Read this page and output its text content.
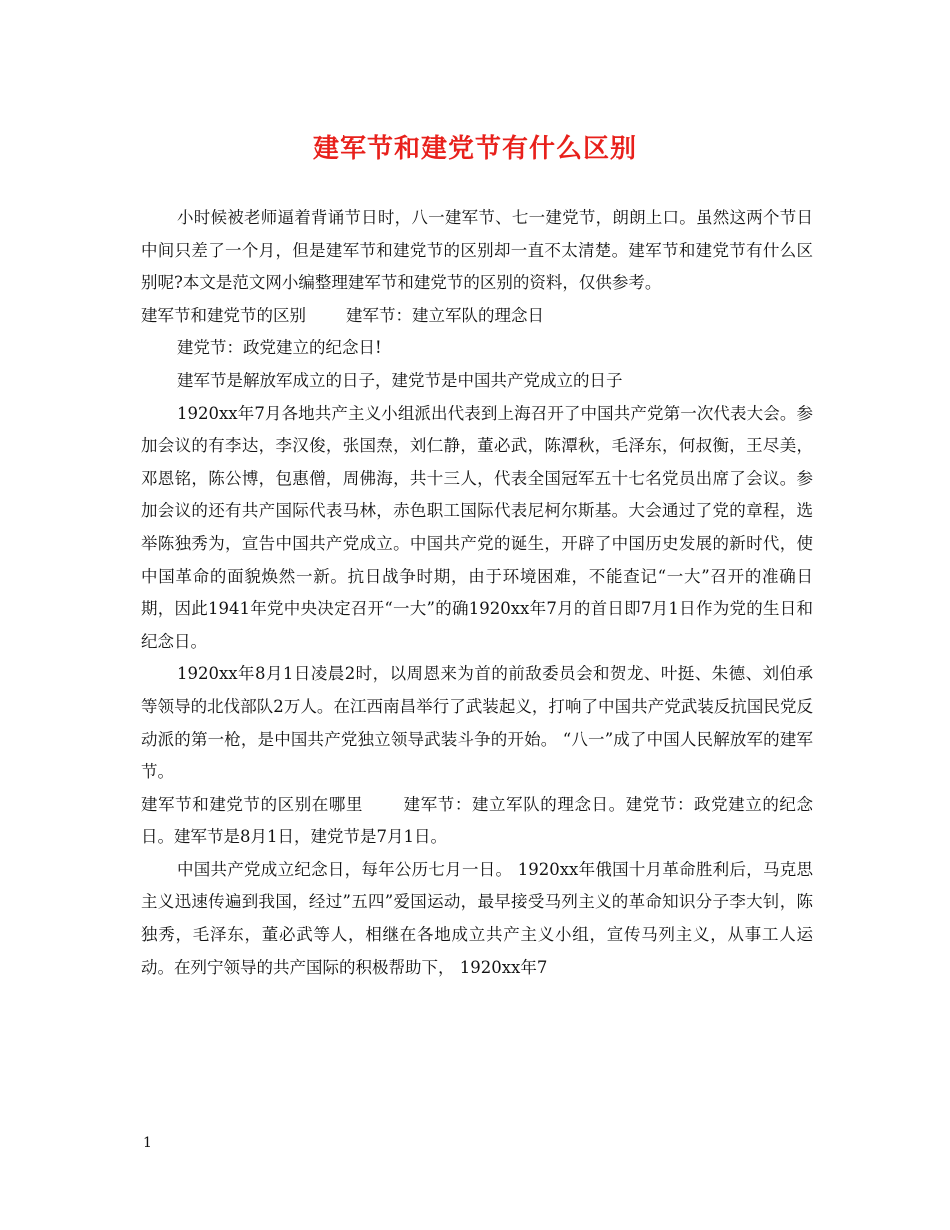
建军节和建党节有什么区别

小时候被老师逼着背诵节日时，八一建军节、七一建党节，朗朗上口。虽然这两个节日中间只差了一个月，但是建军节和建党节的区别却一直不太清楚。建军节和建党节有什么区别呢?本文是范文网小编整理建军节和建党节的区别的资料，仅供参考。

建军节和建党节的区别 建军节：建立军队的理念日

建党节：政党建立的纪念日!

建军节是解放军成立的日子，建党节是中国共产党成立的日子

1920xx年7月各地共产主义小组派出代表到上海召开了中国共产党第一次代表大会。参加会议的有李达，李汉俊，张国焘，刘仁静，董必武，陈潭秋，毛泽东，何叔衡，王尽美，邓恩铭，陈公博，包惠僧，周佛海，共十三人，代表全国冠军五十七名党员出席了会议。参加会议的还有共产国际代表马林，赤色职工国际代表尼柯尔斯基。大会通过了党的章程，选举陈独秀为，宣告中国共产党成立。中国共产党的诞生，开辟了中国历史发展的新时代，使中国革命的面貌焕然一新。抗日战争时期，由于环境困难，不能查记“一大”召开的准确日期，因此1941年党中央决定召开“一大”的确1920xx年7月的首日即7月1日作为党的生日和纪念日。

1920xx年8月1日凌晨2时，以周恩来为首的前敌委员会和贺龙、叶挺、朱德、刘伯承等领导的北伐部队2万人。在江西南昌举行了武装起义，打响了中国共产党武装反抗国民党反动派的第一枪，是中国共产党独立领导武装斗争的开始。 “八一”成了中国人民解放军的建军节。

建军节和建党节的区别在哪里 建军节：建立军队的理念日。建党节：政党建立的纪念日。建军节是8月1日，建党节是7月1日。

中国共产党成立纪念日，每年公历七月一日。 1920xx年俄国十月革命胜利后，马克思主义迅速传遍到我国，经过”五四”爱国运动，最早接受马列主义的革命知识分子李大钊，陈独秀，毛泽东，董必武等人，相继在各地成立共产主义小组，宣传马列主义，从事工人运动。在列宁领导的共产国际的积极帮助下， 1920xx年7

1
